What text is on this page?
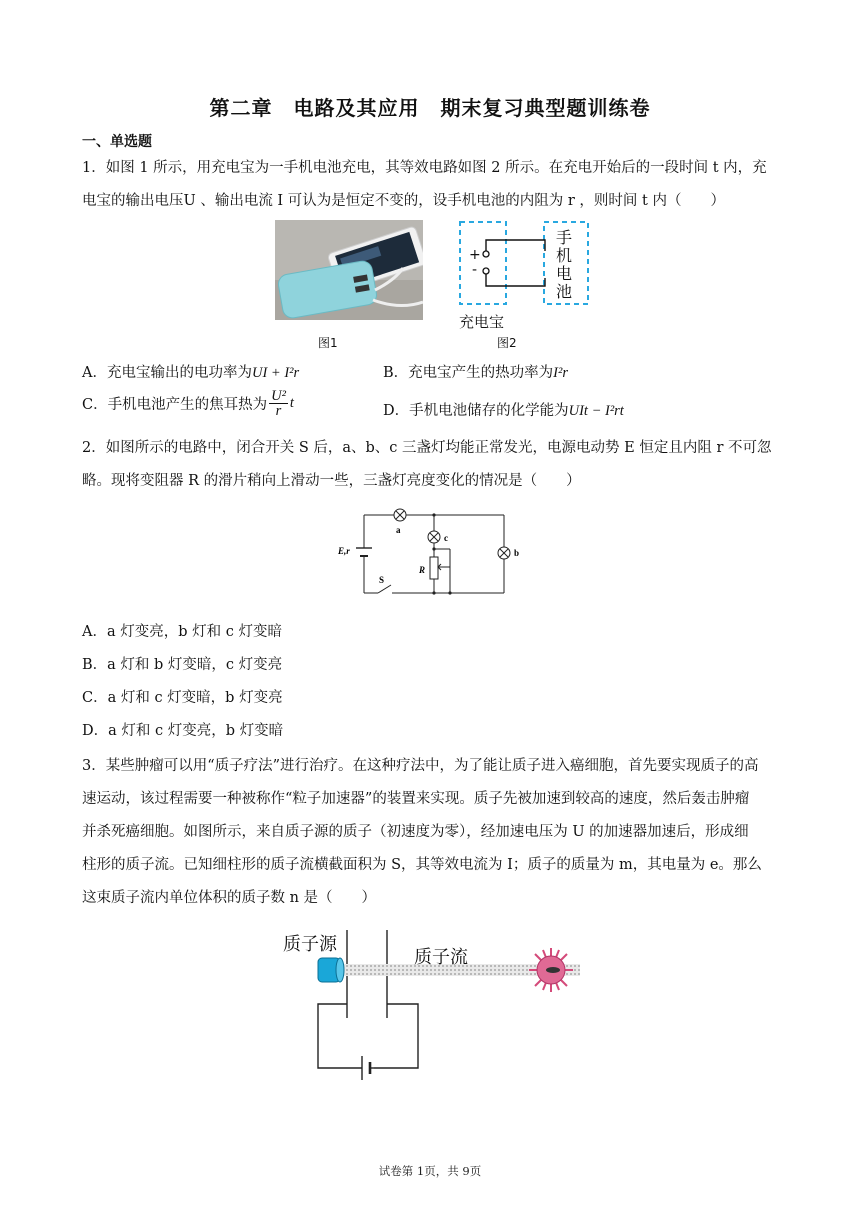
第二章　电路及其应用　期末复习典型题训练卷
一、单选题
1．如图 1 所示，用充电宝为一手机电池充电，其等效电路如图 2 所示。在充电开始后的一段时间 t 内，充
电宝的输出电压U 、输出电流 I 可认为是恒定不变的，设手机电池的内阻为 r ，则时间 t 内（　　）
图1
+
-
手
机
电
池
充电宝
图2
A．充电宝输出的电功率为UI + I²r	B．充电宝产生的热功率为I²r
C．手机电池产生的焦耳热为 $\frac{\text{U²}}{r}$ t	D．手机电池储存的化学能为UIt − I²rt
2．如图所示的电路中，闭合开关 S 后，a、b、c 三盏灯均能正常发光，电源电动势 E 恒定且内阻 r 不可忽
略。现将变阻器 R 的滑片稍向上滑动一些，三盏灯亮度变化的情况是（　　）
a
c
b
R
S
E,r
A．a 灯变亮，b 灯和 c 灯变暗
B．a 灯和 b 灯变暗，c 灯变亮
C．a 灯和 c 灯变暗，b 灯变亮
D．a 灯和 c 灯变亮，b 灯变暗
3．某些肿瘤可以用“质子疗法”进行治疗。在这种疗法中，为了能让质子进入癌细胞，首先要实现质子的高
速运动，该过程需要一种被称作“粒子加速器”的装置来实现。质子先被加速到较高的速度，然后轰击肿瘤
并杀死癌细胞。如图所示，来自质子源的质子（初速度为零），经加速电压为 U 的加速器加速后，形成细
柱形的质子流。已知细柱形的质子流横截面积为 S，其等效电流为 I；质子的质量为 m，其电量为 e。那么
这束质子流内单位体积的质子数 n 是（　　）
质子源
质子流
试卷第 1页，共 9页
